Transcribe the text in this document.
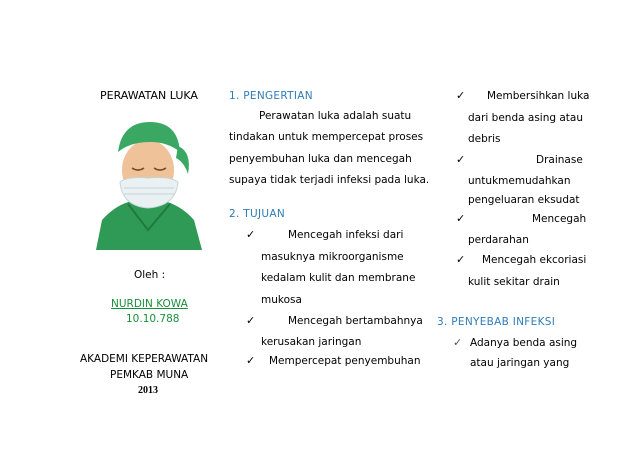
PERAWATAN LUKA
Oleh :
NURDIN KOWA
10.10.788
AKADEMI KEPERAWATAN
PEMKAB MUNA
2013
1. PENGERTIAN
Perawatan luka adalah suatu
tindakan untuk mempercepat proses
penyembuhan luka dan mencegah
supaya tidak terjadi infeksi pada luka.
2. TUJUAN
✓	Mencegah infeksi dari
masuknya mikroorganisme
kedalam kulit dan membrane
mukosa
✓	Mencegah bertambahnya
kerusakan jaringan
✓ Mempercepat penyembuhan
✓ Membersihkan luka
dari benda asing atau
debris
✓	Drainase
untukmemudahkan
pengeluaran eksudat
✓	Mencegah
perdarahan
✓ Mencegah ekcoriasi
kulit sekitar drain
3. PENYEBAB INFEKSI
✓ Adanya benda asing
atau jaringan yang
